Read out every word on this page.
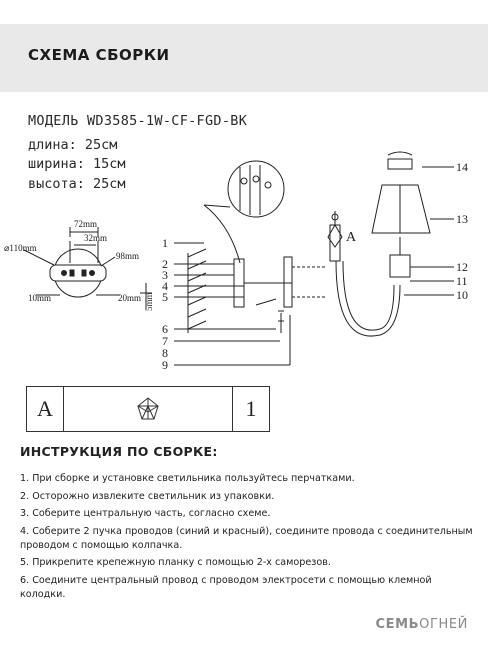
СХЕМА СБОРКИ
МОДЕЛЬ WD3585-1W-CF-FGD-BK
длина: 25см
ширина: 15см
высота: 25см
⌀110mm
72mm
32mm
98mm
10mm	20mm 5mm
1
2
3
4
5
6
7
8
9
14
13
12
11
10
A
A	1
ИНСТРУКЦИЯ ПО СБОРКЕ:
1. При сборке и установке светильника пользуйтесь перчатками.
2. Осторожно извлеките светильник из упаковки.
3. Соберите центральную часть, согласно схеме.
4. Соберите 2 пучка проводов (синий и красный), соедините провода с соединительным проводом с помощью колпачка.
5. Прикрепите крепежную планку с помощью 2-х саморезов.
6. Соедините центральный провод с проводом электросети с помощью клемной колодки.
СЕМЬОГНЕЙ
